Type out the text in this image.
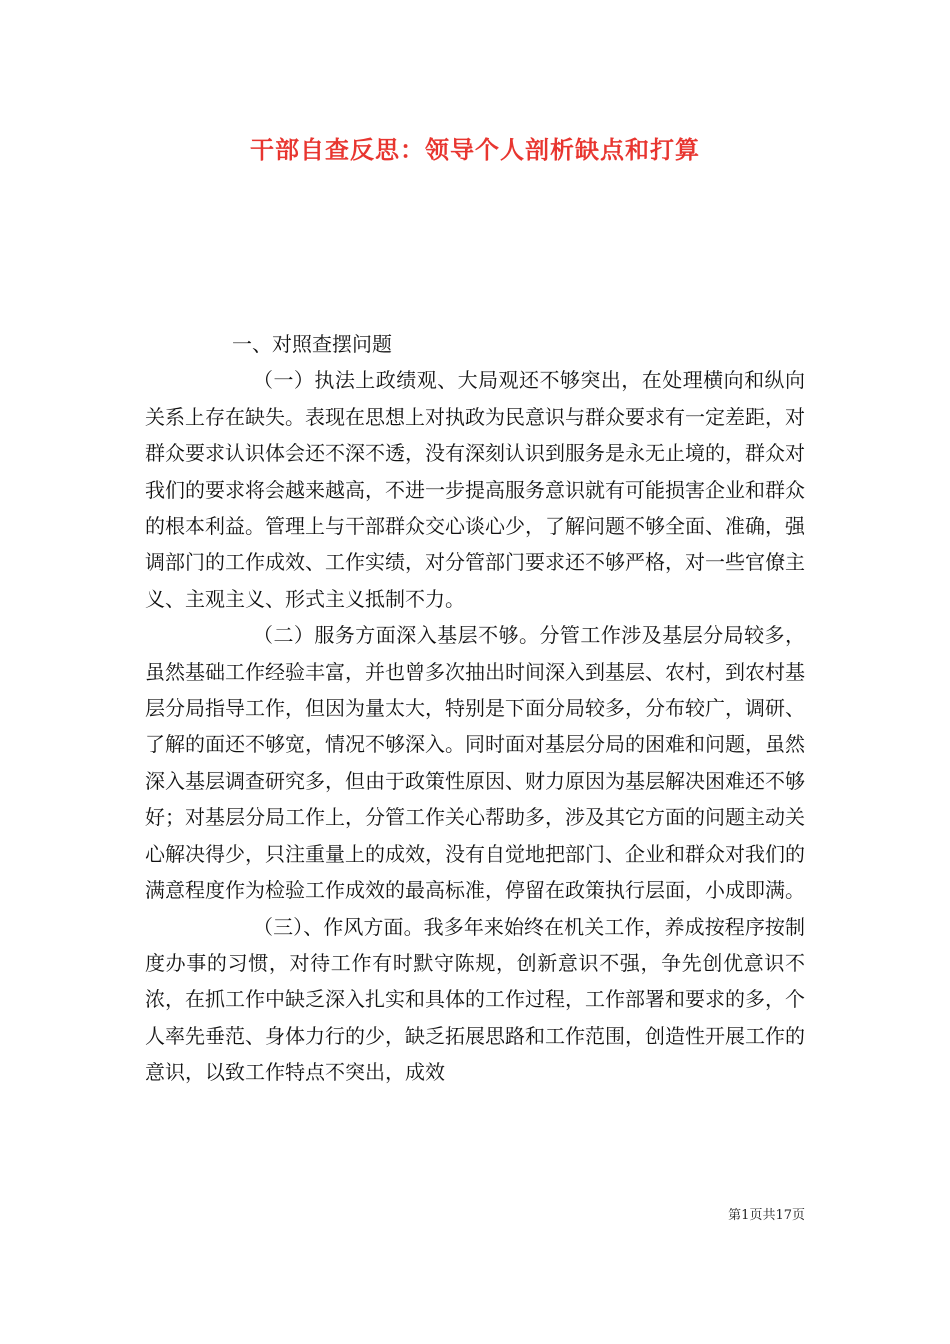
干部自查反思：领导个人剖析缺点和打算

一、对照查摆问题

（一）执法上政绩观、大局观还不够突出，在处理横向和纵向关系上存在缺失。表现在思想上对执政为民意识与群众要求有一定差距，对群众要求认识体会还不深不透，没有深刻认识到服务是永无止境的，群众对我们的要求将会越来越高，不进一步提高服务意识就有可能损害企业和群众的根本利益。管理上与干部群众交心谈心少，了解问题不够全面、准确，强调部门的工作成效、工作实绩，对分管部门要求还不够严格，对一些官僚主义、主观主义、形式主义抵制不力。

（二）服务方面深入基层不够。分管工作涉及基层分局较多，虽然基础工作经验丰富，并也曾多次抽出时间深入到基层、农村，到农村基层分局指导工作，但因为量太大，特别是下面分局较多，分布较广，调研、了解的面还不够宽，情况不够深入。同时面对基层分局的困难和问题，虽然深入基层调查研究多，但由于政策性原因、财力原因为基层解决困难还不够好；对基层分局工作上，分管工作关心帮助多，涉及其它方面的问题主动关心解决得少，只注重量上的成效，没有自觉地把部门、企业和群众对我们的满意程度作为检验工作成效的最高标准，停留在政策执行层面，小成即满。

（三）、作风方面。我多年来始终在机关工作，养成按程序按制度办事的习惯，对待工作有时默守陈规，创新意识不强，争先创优意识不浓，在抓工作中缺乏深入扎实和具体的工作过程，工作部署和要求的多，个人率先垂范、身体力行的少，缺乏拓展思路和工作范围，创造性开展工作的意识，以致工作特点不突出，成效

第1页共17页
